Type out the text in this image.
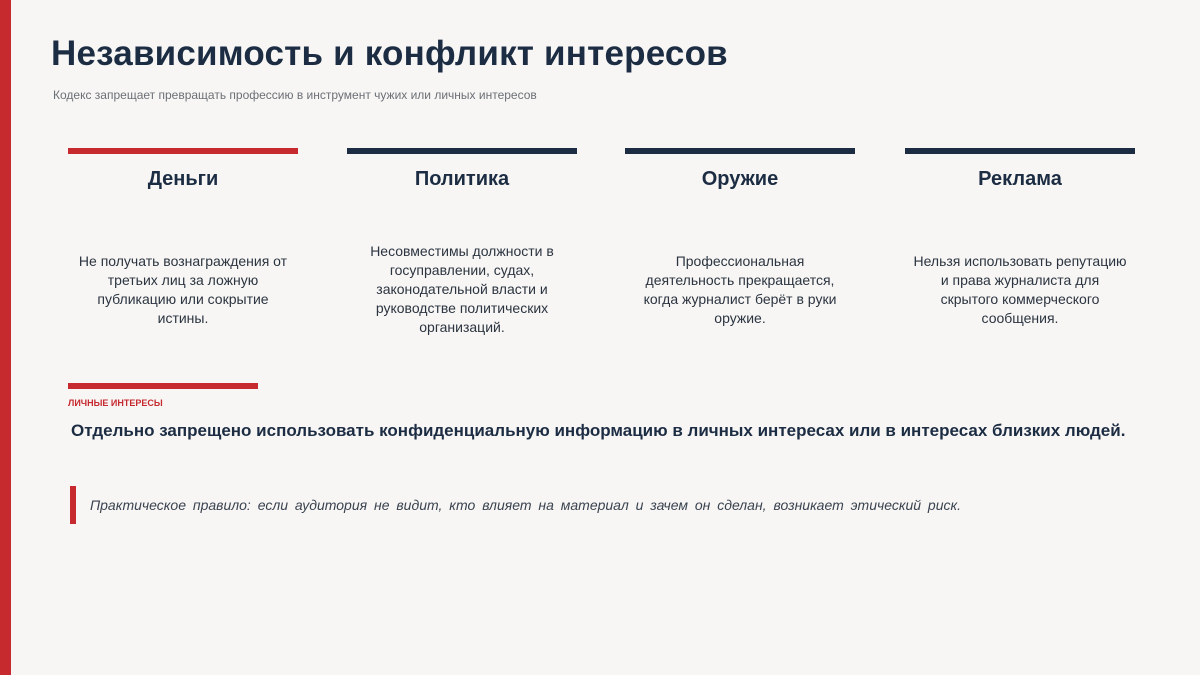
Независимость и конфликт интересов
Кодекс запрещает превращать профессию в инструмент чужих или личных интересов
Деньги
Не получать вознаграждения от третьих лиц за ложную публикацию или сокрытие истины.
Политика
Несовместимы должности в госуправлении, судах, законодательной власти и руководстве политических организаций.
Оружие
Профессиональная деятельность прекращается, когда журналист берёт в руки оружие.
Реклама
Нельзя использовать репутацию и права журналиста для скрытого коммерческого сообщения.
ЛИЧНЫЕ ИНТЕРЕСЫ
Отдельно запрещено использовать конфиденциальную информацию в личных интересах или в интересах близких людей.
Практическое правило: если аудитория не видит, кто влияет на материал и зачем он сделан, возникает этический риск.
